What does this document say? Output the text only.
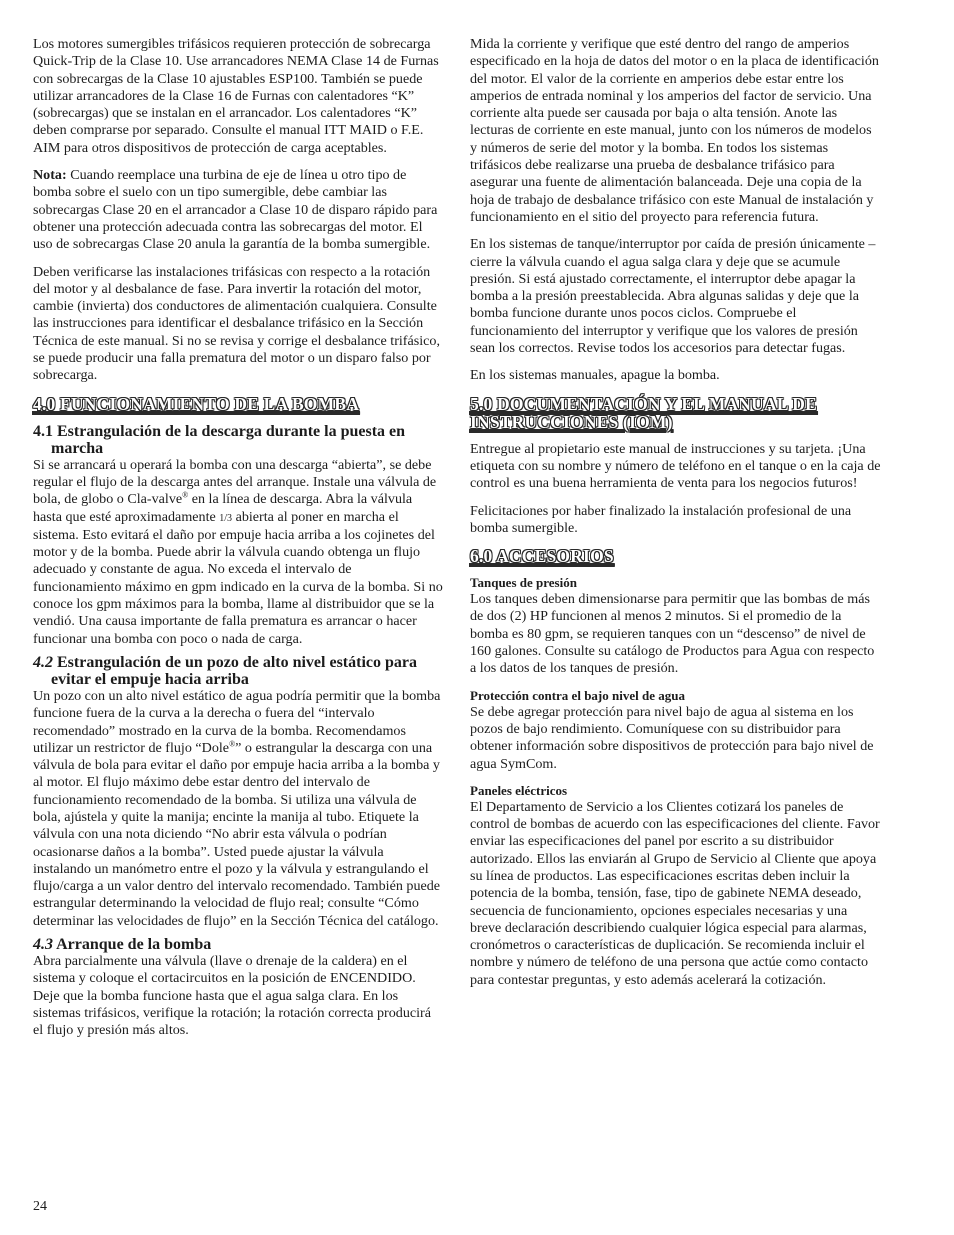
Los motores sumergibles trifásicos requieren protección de sobrecarga Quick-Trip de la Clase 10. Use arrancadores NEMA Clase 14 de Furnas con sobrecargas de la Clase 10 ajustables ESP100. También se puede utilizar arrancadores de la Clase 16 de Furnas con calentadores “K” (sobrecargas) que se instalan en el arrancador. Los calentadores “K” deben comprarse por separado. Consulte el manual ITT MAID o F.E. AIM para otros dispositivos de protección de carga aceptables.

Nota: Cuando reemplace una turbina de eje de línea u otro tipo de bomba sobre el suelo con un tipo sumergible, debe cambiar las sobrecargas Clase 20 en el arrancador a Clase 10 de disparo rápido para obtener una protección adecuada contra las sobrecargas del motor. El uso de sobrecargas Clase 20 anula la garantía de la bomba sumergible.

Deben verificarse las instalaciones trifásicas con respecto a la rotación del motor y al desbalance de fase. Para invertir la rotación del motor, cambie (invierta) dos conductores de alimentación cualquiera. Consulte las instrucciones para identificar el desbalance trifásico en la Sección Técnica de este manual. Si no se revisa y corrige el desbalance trifásico, se puede producir una falla prematura del motor o un disparo falso por sobrecarga.

4.0 FUNCIONAMIENTO DE LA BOMBA
4.1 Estrangulación de la descarga durante la puesta en marcha

Si se arrancará u operará la bomba con una descarga “abierta”, se debe regular el flujo de la descarga antes del arranque. Instale una válvula de bola, de globo o Cla-valve® en la línea de descarga. Abra la válvula hasta que esté aproximadamente 1/3 abierta al poner en marcha el sistema. Esto evitará el daño por empuje hacia arriba a los cojinetes del motor y de la bomba. Puede abrir la válvula cuando obtenga un flujo adecuado y constante de agua. No exceda el intervalo de funcionamiento máximo en gpm indicado en la curva de la bomba. Si no conoce los gpm máximos para la bomba, llame al distribuidor que se la vendió. Una causa importante de falla prematura es arrancar o hacer funcionar una bomba con poco o nada de carga.

4.2 Estrangulación de un pozo de alto nivel estático para evitar el empuje hacia arriba

Un pozo con un alto nivel estático de agua podría permitir que la bomba funcione fuera de la curva a la derecha o fuera del “intervalo recomendado” mostrado en la curva de la bomba. Recomendamos utilizar un restrictor de flujo “Dole®” o estrangular la descarga con una válvula de bola para evitar el daño por empuje hacia arriba a la bomba y al motor. El flujo máximo debe estar dentro del intervalo de funcionamiento recomendado de la bomba. Si utiliza una válvula de bola, ajústela y quite la manija; encinte la manija al tubo. Etiquete la válvula con una nota diciendo “No abrir esta válvula o podrían ocasionarse daños a la bomba”. Usted puede ajustar la válvula instalando un manómetro entre el pozo y la válvula y estrangulando el flujo/carga a un valor dentro del intervalo recomendado. También puede estrangular determinando la velocidad de flujo real; consulte “Cómo determinar las velocidades de flujo” en la Sección Técnica del catálogo.

4.3 Arranque de la bomba

Abra parcialmente una válvula (llave o drenaje de la caldera) en el sistema y coloque el cortacircuitos en la posición de ENCENDIDO. Deje que la bomba funcione hasta que el agua salga clara. En los sistemas trifásicos, verifique la rotación; la rotación correcta producirá el flujo y presión más altos.

Mida la corriente y verifique que esté dentro del rango de amperios especificado en la hoja de datos del motor o en la placa de identificación del motor. El valor de la corriente en amperios debe estar entre los amperios de entrada nominal y los amperios del factor de servicio. Una corriente alta puede ser causada por baja o alta tensión. Anote las lecturas de corriente en este manual, junto con los números de modelos y números de serie del motor y la bomba. En todos los sistemas trifásicos debe realizarse una prueba de desbalance trifásico para asegurar una fuente de alimentación balanceada. Deje una copia de la hoja de trabajo de desbalance trifásico con este Manual de instalación y funcionamiento en el sitio del proyecto para referencia futura.

En los sistemas de tanque/interruptor por caída de presión únicamente – cierre la válvula cuando el agua salga clara y deje que se acumule presión. Si está ajustado correctamente, el interruptor debe apagar la bomba a la presión preestablecida. Abra algunas salidas y deje que la bomba funcione durante unos pocos ciclos. Compruebe el funcionamiento del interruptor y verifique que los valores de presión sean los correctos. Revise todos los accesorios para detectar fugas.

En los sistemas manuales, apague la bomba.

5.0 DOCUMENTACIÓN Y EL MANUAL DE INSTRUCCIONES (IOM)

Entregue al propietario este manual de instrucciones y su tarjeta. ¡Una etiqueta con su nombre y número de teléfono en el tanque o en la caja de control es una buena herramienta de venta para los negocios futuros!

Felicitaciones por haber finalizado la instalación profesional de una bomba sumergible.

6.0 ACCESORIOS
Tanques de presión

Los tanques deben dimensionarse para permitir que las bombas de más de dos (2) HP funcionen al menos 2 minutos. Si el promedio de la bomba es 80 gpm, se requieren tanques con un “descenso” de nivel de 160 galones. Consulte su catálogo de Productos para Agua con respecto a los datos de los tanques de presión.

Protección contra el bajo nivel de agua

Se debe agregar protección para nivel bajo de agua al sistema en los pozos de bajo rendimiento. Comuníquese con su distribuidor para obtener información sobre dispositivos de protección para bajo nivel de agua SymCom.

Paneles eléctricos

El Departamento de Servicio a los Clientes cotizará los paneles de control de bombas de acuerdo con las especificaciones del cliente. Favor enviar las especificaciones del panel por escrito a su distribuidor autorizado. Ellos las enviarán al Grupo de Servicio al Cliente que apoya su línea de productos. Las especificaciones escritas deben incluir la potencia de la bomba, tensión, fase, tipo de gabinete NEMA deseado, secuencia de funcionamiento, opciones especiales necesarias y una breve declaración describiendo cualquier lógica especial para alarmas, cronómetros o características de duplicación. Se recomienda incluir el nombre y número de teléfono de una persona que actúe como contacto para contestar preguntas, y esto además acelerará la cotización.

24
